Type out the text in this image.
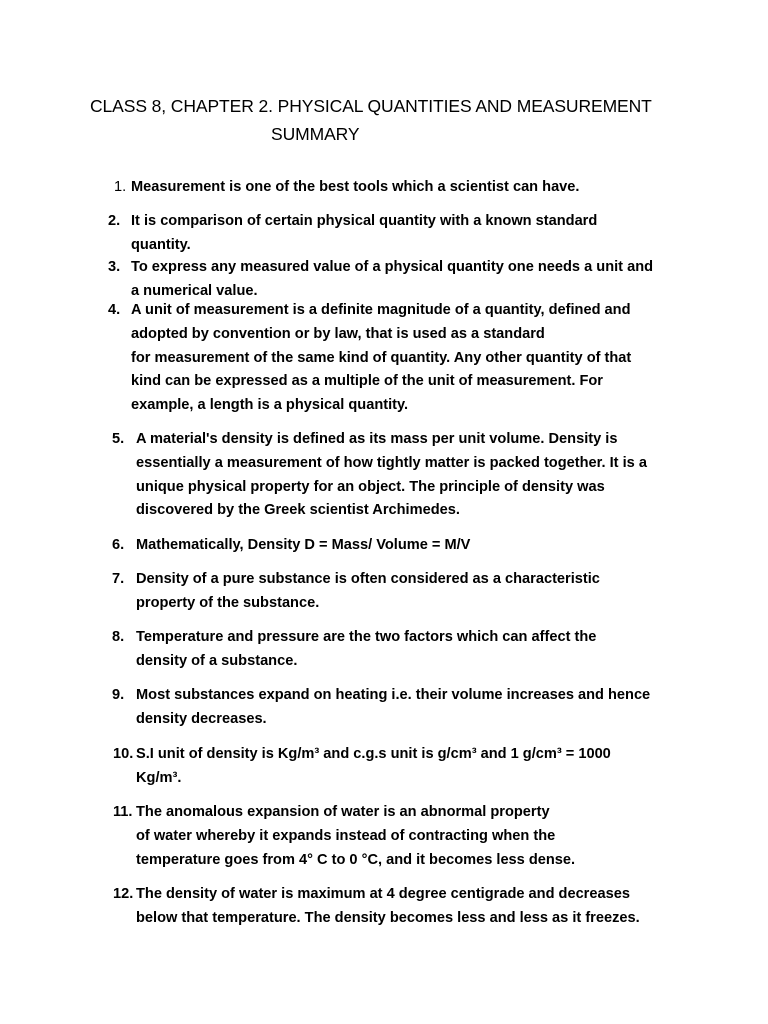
CLASS 8, CHAPTER 2. PHYSICAL QUANTITIES AND MEASUREMENT
SUMMARY
1. Measurement is one of the best tools which a scientist can have.
2. It is comparison of certain physical quantity with a known standard
quantity.
3. To express any measured value of a physical quantity one needs a unit and
a numerical value.
4. A unit of measurement is a definite magnitude of a quantity, defined and
adopted by convention or by law, that is used as a standard
for measurement of the same kind of quantity. Any other quantity of that
kind can be expressed as a multiple of the unit of measurement. For
example, a length is a physical quantity.
5. A material's density is defined as its mass per unit volume. Density is
essentially a measurement of how tightly matter is packed together. It is a
unique physical property for an object. The principle of density was
discovered by the Greek scientist Archimedes.
6. Mathematically, Density D = Mass/ Volume = M/V
7. Density of a pure substance is often considered as a characteristic
property of the substance.
8. Temperature and pressure are the two factors which can affect the
density of a substance.
9. Most substances expand on heating i.e. their volume increases and hence
density decreases.
10. S.I unit of density is Kg/m³ and c.g.s unit is g/cm³ and 1 g/cm³ = 1000
Kg/m³.
11. The anomalous expansion of water is an abnormal property
of water whereby it expands instead of contracting when the
temperature goes from 4° C to 0 °C, and it becomes less dense.
12. The density of water is maximum at 4 degree centigrade and decreases
below that temperature. The density becomes less and less as it freezes.
